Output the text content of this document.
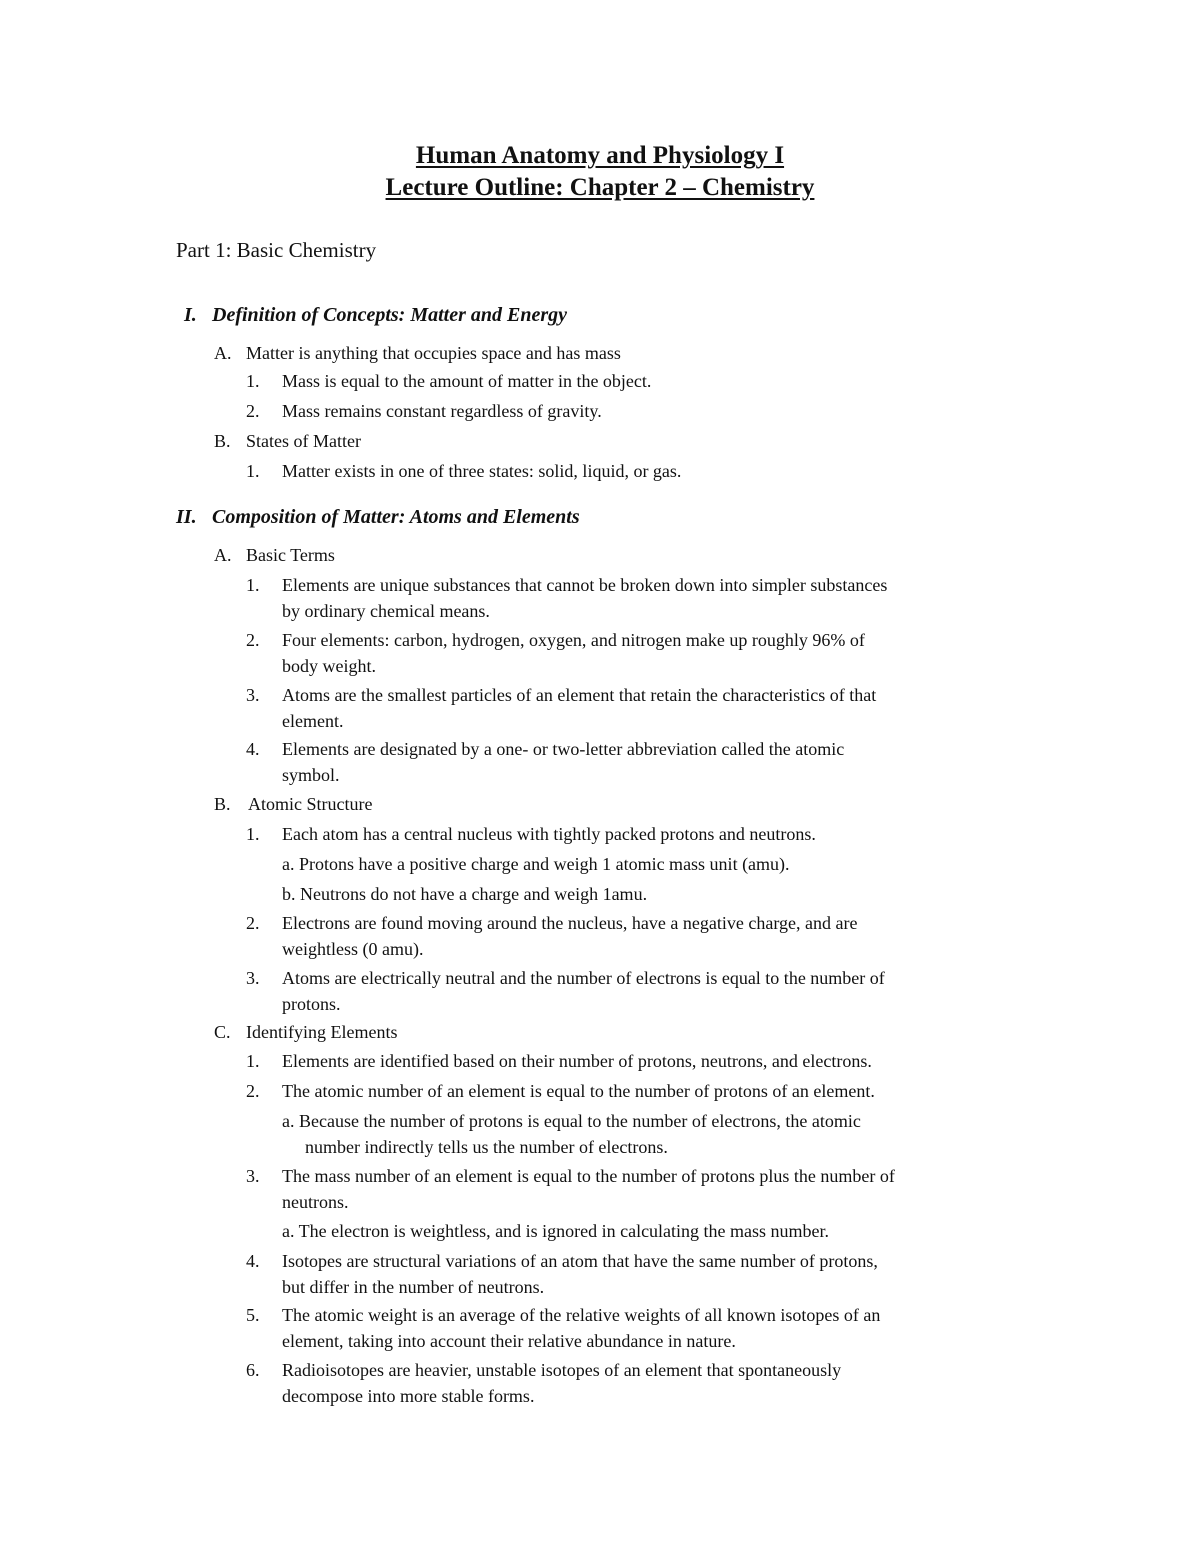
Human Anatomy and Physiology I
Lecture Outline: Chapter 2 – Chemistry
Part 1: Basic Chemistry
I. Definition of Concepts: Matter and Energy
A. Matter is anything that occupies space and has mass
1. Mass is equal to the amount of matter in the object.
2. Mass remains constant regardless of gravity.
B. States of Matter
1. Matter exists in one of three states: solid, liquid, or gas.
II. Composition of Matter: Atoms and Elements
A. Basic Terms
1. Elements are unique substances that cannot be broken down into simpler substances
by ordinary chemical means.
2. Four elements: carbon, hydrogen, oxygen, and nitrogen make up roughly 96% of
body weight.
3. Atoms are the smallest particles of an element that retain the characteristics of that
element.
4. Elements are designated by a one- or two-letter abbreviation called the atomic
symbol.
B. Atomic Structure
1. Each atom has a central nucleus with tightly packed protons and neutrons.
a. Protons have a positive charge and weigh 1 atomic mass unit (amu).
b. Neutrons do not have a charge and weigh 1amu.
2. Electrons are found moving around the nucleus, have a negative charge, and are
weightless (0 amu).
3. Atoms are electrically neutral and the number of electrons is equal to the number of
protons.
C. Identifying Elements
1. Elements are identified based on their number of protons, neutrons, and electrons.
2. The atomic number of an element is equal to the number of protons of an element.
a. Because the number of protons is equal to the number of electrons, the atomic
number indirectly tells us the number of electrons.
3. The mass number of an element is equal to the number of protons plus the number of
neutrons.
a. The electron is weightless, and is ignored in calculating the mass number.
4. Isotopes are structural variations of an atom that have the same number of protons,
but differ in the number of neutrons.
5. The atomic weight is an average of the relative weights of all known isotopes of an
element, taking into account their relative abundance in nature.
6. Radioisotopes are heavier, unstable isotopes of an element that spontaneously
decompose into more stable forms.
